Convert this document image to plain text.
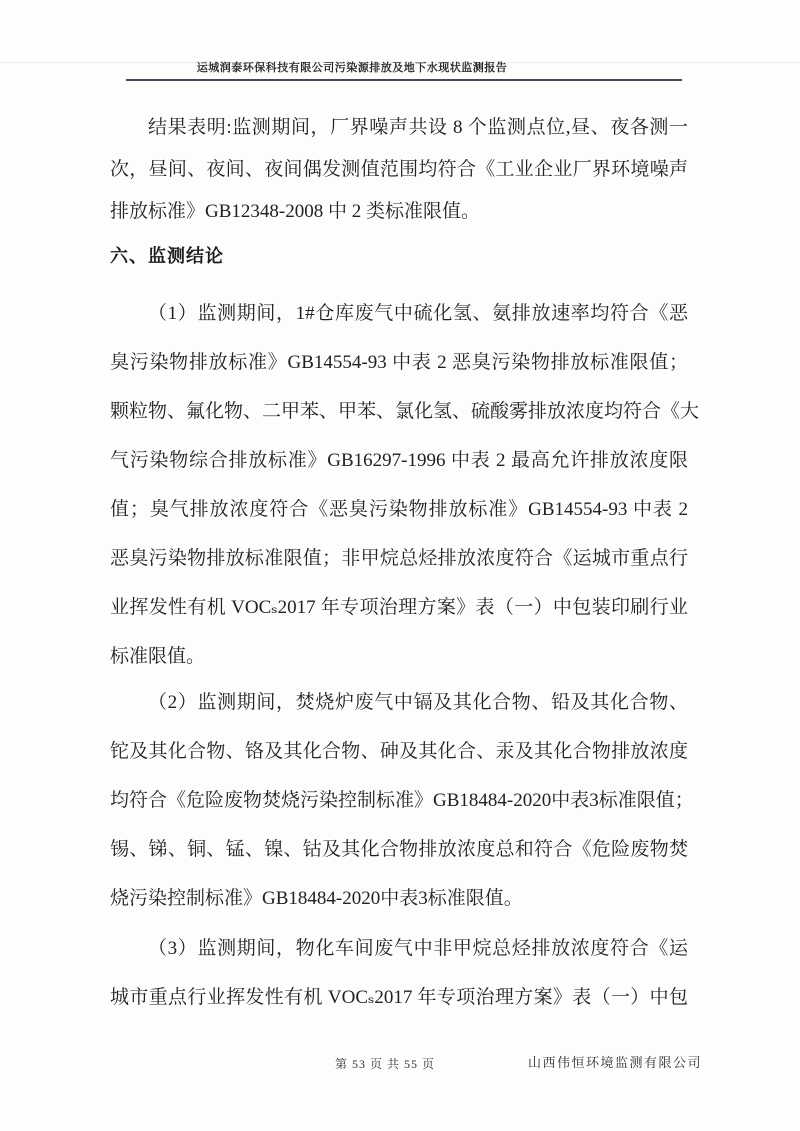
运城润泰环保科技有限公司污染源排放及地下水现状监测报告
结果表明:监测期间，厂界噪声共设 8 个监测点位,昼、夜各测一
次，昼间、夜间、夜间偶发测值范围均符合《工业企业厂界环境噪声
排放标准》GB12348-2008 中 2 类标准限值。
六、监测结论
（1）监测期间，1#仓库废气中硫化氢、氨排放速率均符合《恶
臭污染物排放标准》GB14554-93 中表 2 恶臭污染物排放标准限值；
颗粒物、氟化物、二甲苯、甲苯、氯化氢、硫酸雾排放浓度均符合《大
气污染物综合排放标准》GB16297-1996 中表 2 最高允许排放浓度限
值；臭气排放浓度符合《恶臭污染物排放标准》GB14554-93 中表 2
恶臭污染物排放标准限值；非甲烷总烃排放浓度符合《运城市重点行
业挥发性有机 VOCₛ2017 年专项治理方案》表（一）中包装印刷行业
标准限值。
（2）监测期间，焚烧炉废气中镉及其化合物、铅及其化合物、
铊及其化合物、铬及其化合物、砷及其化合、汞及其化合物排放浓度
均符合《危险废物焚烧污染控制标准》GB18484-2020中表3标准限值；
锡、锑、铜、锰、镍、钴及其化合物排放浓度总和符合《危险废物焚
烧污染控制标准》GB18484-2020中表3标准限值。
（3）监测期间，物化车间废气中非甲烷总烃排放浓度符合《运
城市重点行业挥发性有机 VOCₛ2017 年专项治理方案》表（一）中包
第 53 页 共 55 页	山西伟恒环境监测有限公司
